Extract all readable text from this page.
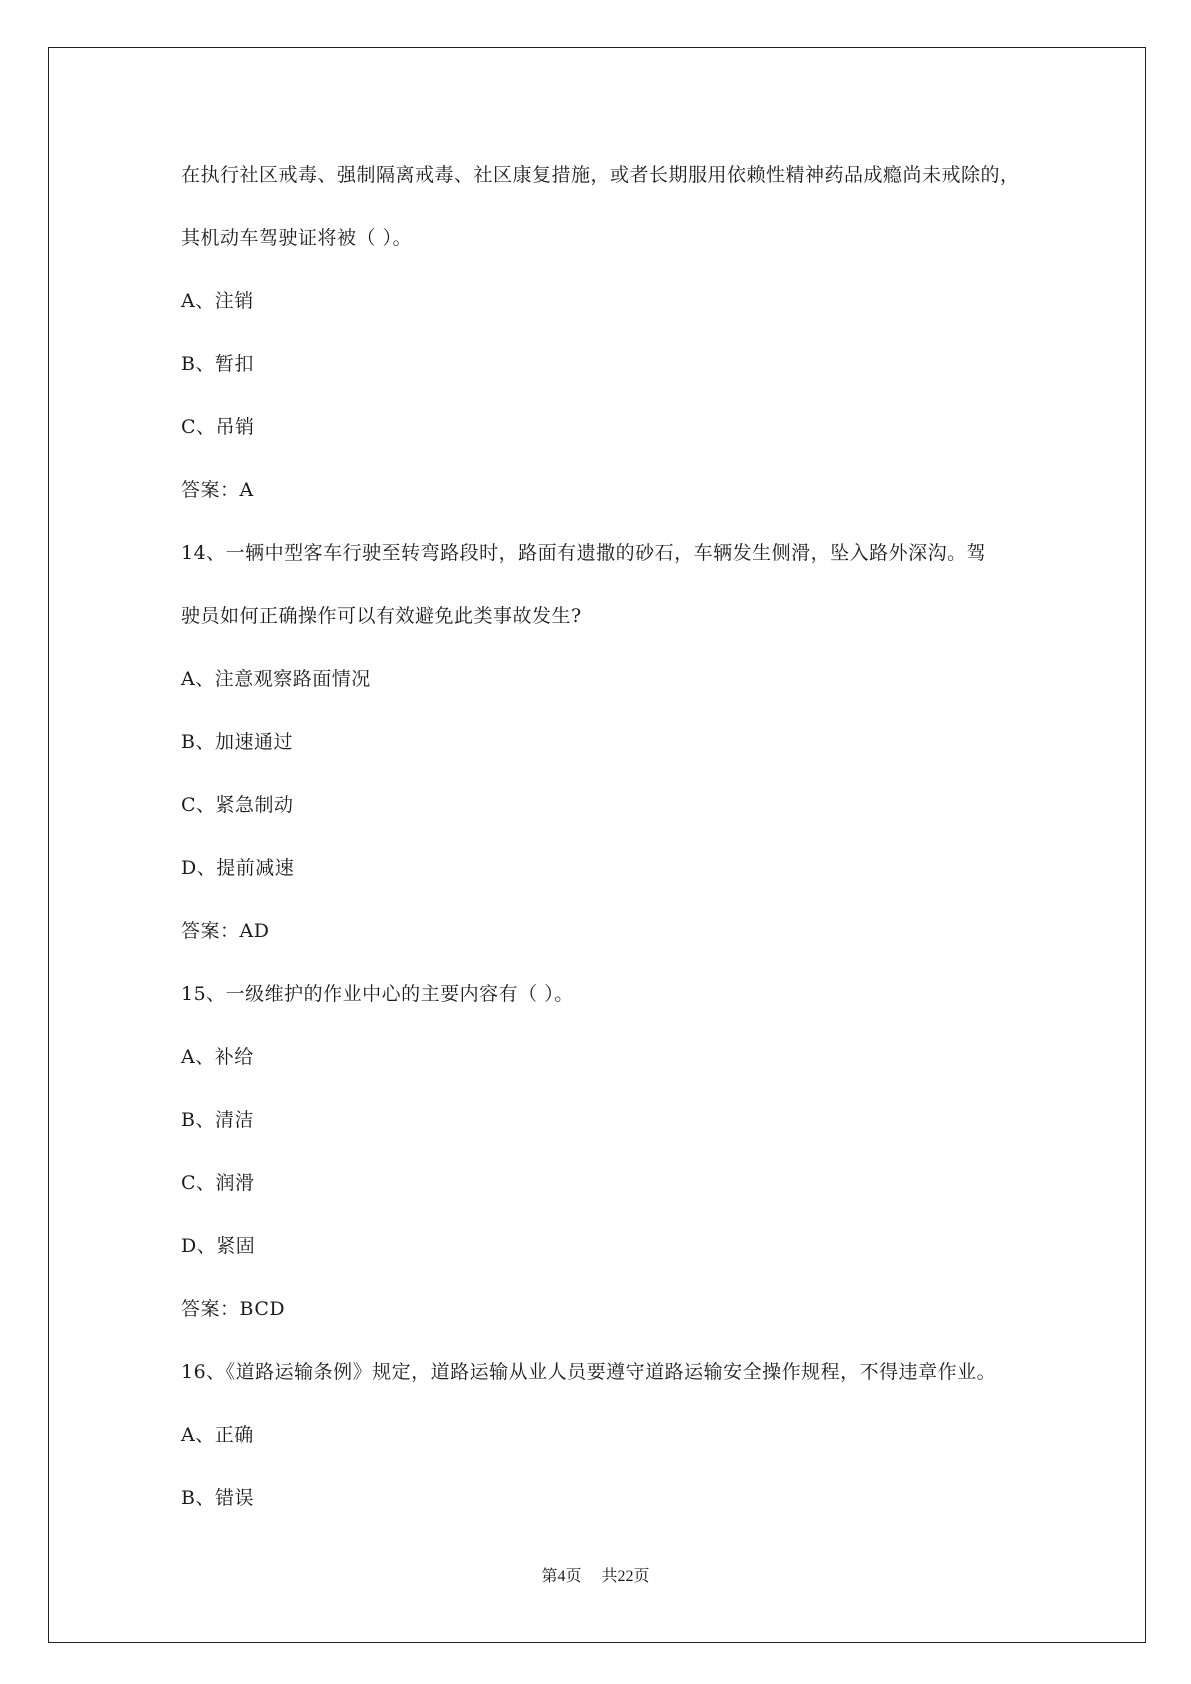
在执行社区戒毒、强制隔离戒毒、社区康复措施，或者长期服用依赖性精神药品成瘾尚未戒除的，
其机动车驾驶证将被（ ）。
A、注销
B、暂扣
C、吊销
答案：A
14、一辆中型客车行驶至转弯路段时，路面有遗撒的砂石，车辆发生侧滑，坠入路外深沟。驾
驶员如何正确操作可以有效避免此类事故发生?
A、注意观察路面情况
B、加速通过
C、紧急制动
D、提前减速
答案：AD
15、一级维护的作业中心的主要内容有（ ）。
A、补给
B、清洁
C、润滑
D、紧固
答案：BCD
16、《道路运输条例》规定，道路运输从业人员要遵守道路运输安全操作规程，不得违章作业。
A、正确
B、错误
第4页 共22页
